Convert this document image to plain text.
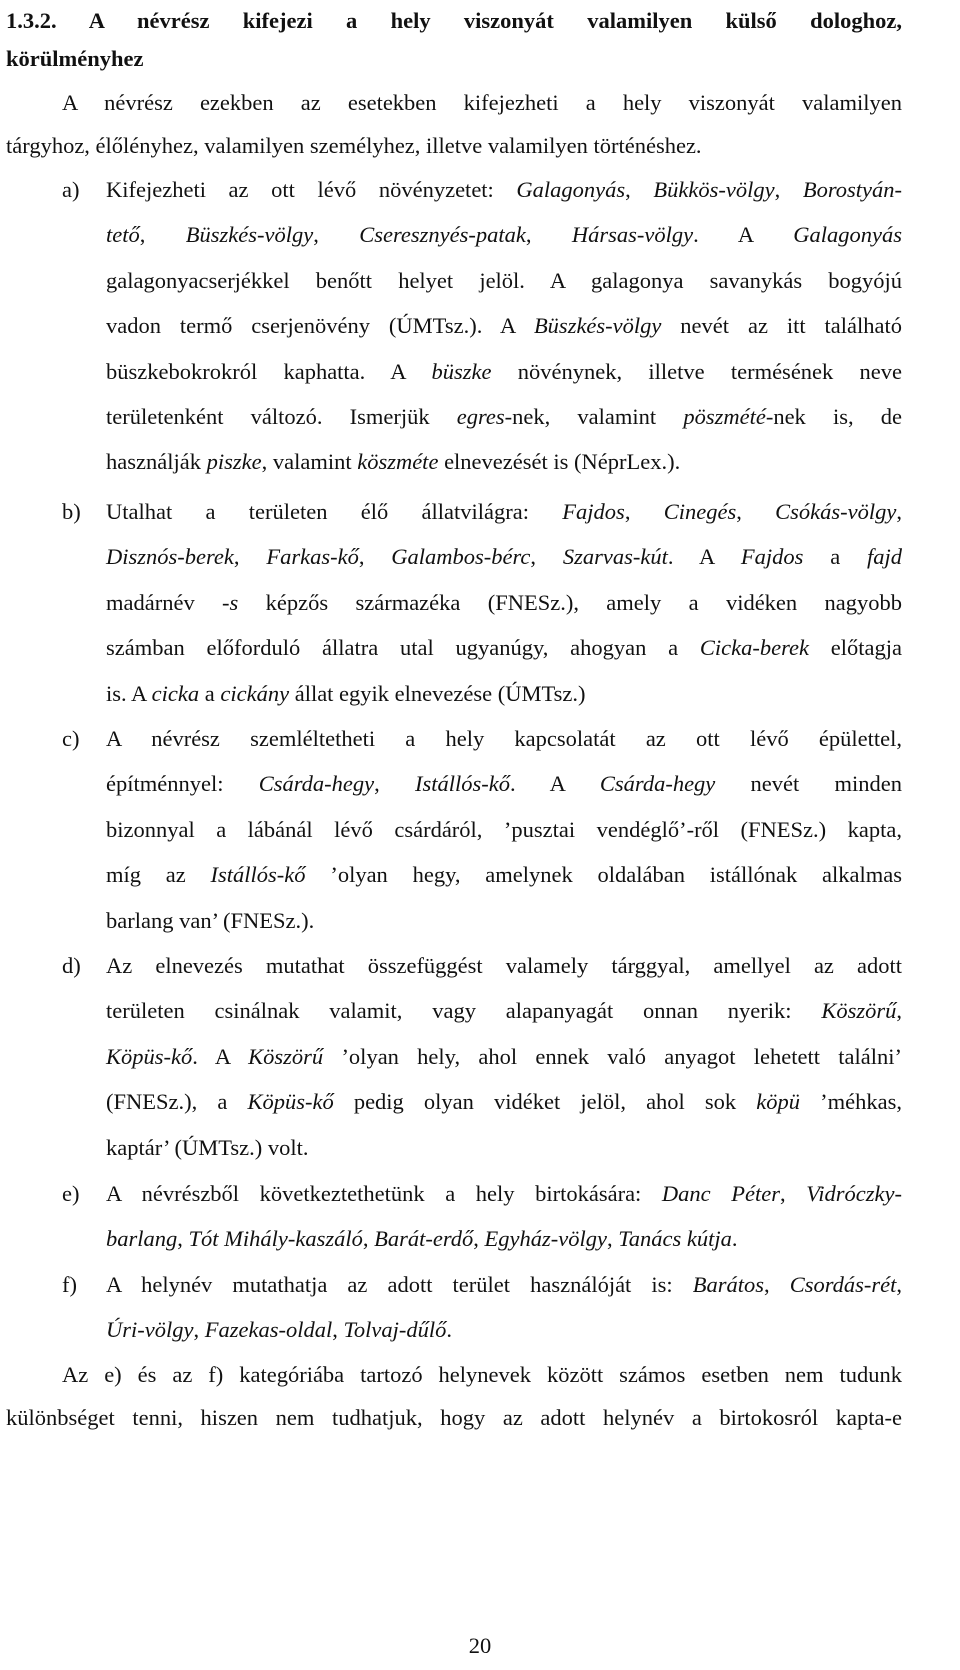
1.3.2. A névrész kifejezi a hely viszonyát valamilyen külső dologhoz,
körülményhez
A névrész ezekben az esetekben kifejezheti a hely viszonyát valamilyen
tárgyhoz, élőlényhez, valamilyen személyhez, illetve valamilyen történéshez.
a) Kifejezheti az ott lévő növényzetet: Galagonyás, Bükkös-völgy, Borostyán-
tető, Büszkés-völgy, Cseresznyés-patak, Hársas-völgy. A Galagonyás
galagonyacserjékkel benőtt helyet jelöl. A galagonya savanykás bogyójú
vadon termő cserjenövény (ÚMTsz.). A Büszkés-völgy nevét az itt található
büszkebokrokról kaphatta. A büszke növénynek, illetve termésének neve
területenként változó. Ismerjük egres-nek, valamint pöszmété-nek is, de
használják piszke, valamint köszméte elnevezését is (NéprLex.).
b) Utalhat a területen élő állatvilágra: Fajdos, Cinegés, Csókás-völgy,
Disznós-berek, Farkas-kő, Galambos-bérc, Szarvas-kút. A Fajdos a fajd
madárnév -s képzős származéka (FNESz.), amely a vidéken nagyobb
számban előforduló állatra utal ugyanúgy, ahogyan a Cicka-berek előtagja
is. A cicka a cickány állat egyik elnevezése (ÚMTsz.)
c) A névrész szemléltetheti a hely kapcsolatát az ott lévő épülettel,
építménnyel: Csárda-hegy, Istállós-kő. A Csárda-hegy nevét minden
bizonnyal a lábánál lévő csárdáról, ’pusztai vendéglő’-ről (FNESz.) kapta,
míg az Istállós-kő ’olyan hegy, amelynek oldalában istállónak alkalmas
barlang van’ (FNESz.).
d) Az elnevezés mutathat összefüggést valamely tárggyal, amellyel az adott
területen csinálnak valamit, vagy alapanyagát onnan nyerik: Köszörű,
Köpüs-kő. A Köszörű ’olyan hely, ahol ennek való anyagot lehetett találni’
(FNESz.), a Köpüs-kő pedig olyan vidéket jelöl, ahol sok köpü ’méhkas,
kaptár’ (ÚMTsz.) volt.
e) A névrészből következtethetünk a hely birtokására: Danc Péter, Vidróczky-
barlang, Tót Mihály-kaszáló, Barát-erdő, Egyház-völgy, Tanács kútja.
f) A helynév mutathatja az adott terület használóját is: Barátos, Csordás-rét,
Úri-völgy, Fazekas-oldal, Tolvaj-dűlő.
Az e) és az f) kategóriába tartozó helynevek között számos esetben nem tudunk
különbséget tenni, hiszen nem tudhatjuk, hogy az adott helynév a birtokosról kapta-e
20
